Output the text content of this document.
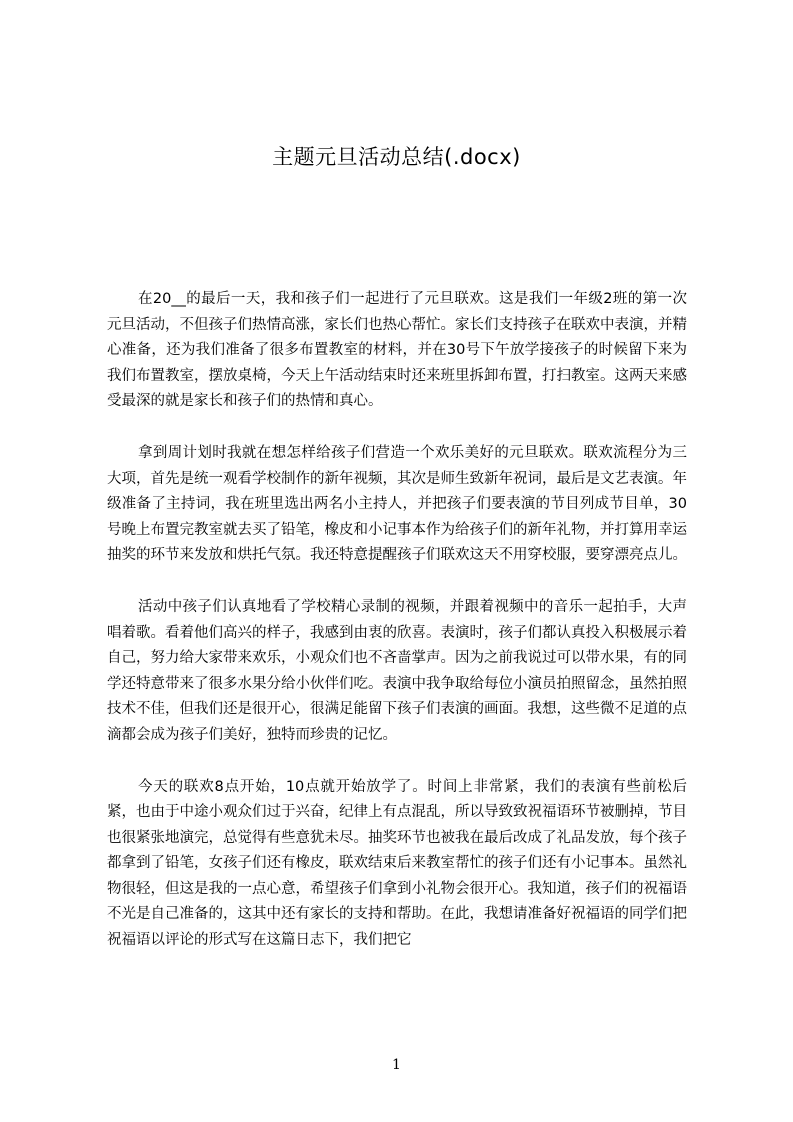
主题元旦活动总结(.docx)

在20__的最后一天，我和孩子们一起进行了元旦联欢。这是我们一年级2班的第一次元旦活动，不但孩子们热情高涨，家长们也热心帮忙。家长们支持孩子在联欢中表演，并精心准备，还为我们准备了很多布置教室的材料，并在30号下午放学接孩子的时候留下来为我们布置教室，摆放桌椅，今天上午活动结束时还来班里拆卸布置，打扫教室。这两天来感受最深的就是家长和孩子们的热情和真心。

拿到周计划时我就在想怎样给孩子们营造一个欢乐美好的元旦联欢。联欢流程分为三大项，首先是统一观看学校制作的新年视频，其次是师生致新年祝词，最后是文艺表演。年级准备了主持词，我在班里选出两名小主持人，并把孩子们要表演的节目列成节目单，30号晚上布置完教室就去买了铅笔，橡皮和小记事本作为给孩子们的新年礼物，并打算用幸运抽奖的环节来发放和烘托气氛。我还特意提醒孩子们联欢这天不用穿校服，要穿漂亮点儿。

活动中孩子们认真地看了学校精心录制的视频，并跟着视频中的音乐一起拍手，大声唱着歌。看着他们高兴的样子，我感到由衷的欣喜。表演时，孩子们都认真投入积极展示着自己，努力给大家带来欢乐，小观众们也不吝啬掌声。因为之前我说过可以带水果，有的同学还特意带来了很多水果分给小伙伴们吃。表演中我争取给每位小演员拍照留念，虽然拍照技术不佳，但我们还是很开心，很满足能留下孩子们表演的画面。我想，这些微不足道的点滴都会成为孩子们美好，独特而珍贵的记忆。

今天的联欢8点开始，10点就开始放学了。时间上非常紧，我们的表演有些前松后紧，也由于中途小观众们过于兴奋，纪律上有点混乱，所以导致致祝福语环节被删掉，节目也很紧张地演完，总觉得有些意犹未尽。抽奖环节也被我在最后改成了礼品发放，每个孩子都拿到了铅笔，女孩子们还有橡皮，联欢结束后来教室帮忙的孩子们还有小记事本。虽然礼物很轻，但这是我的一点心意，希望孩子们拿到小礼物会很开心。我知道，孩子们的祝福语不光是自己准备的，这其中还有家长的支持和帮助。在此，我想请准备好祝福语的同学们把祝福语以评论的形式写在这篇日志下，我们把它

1
